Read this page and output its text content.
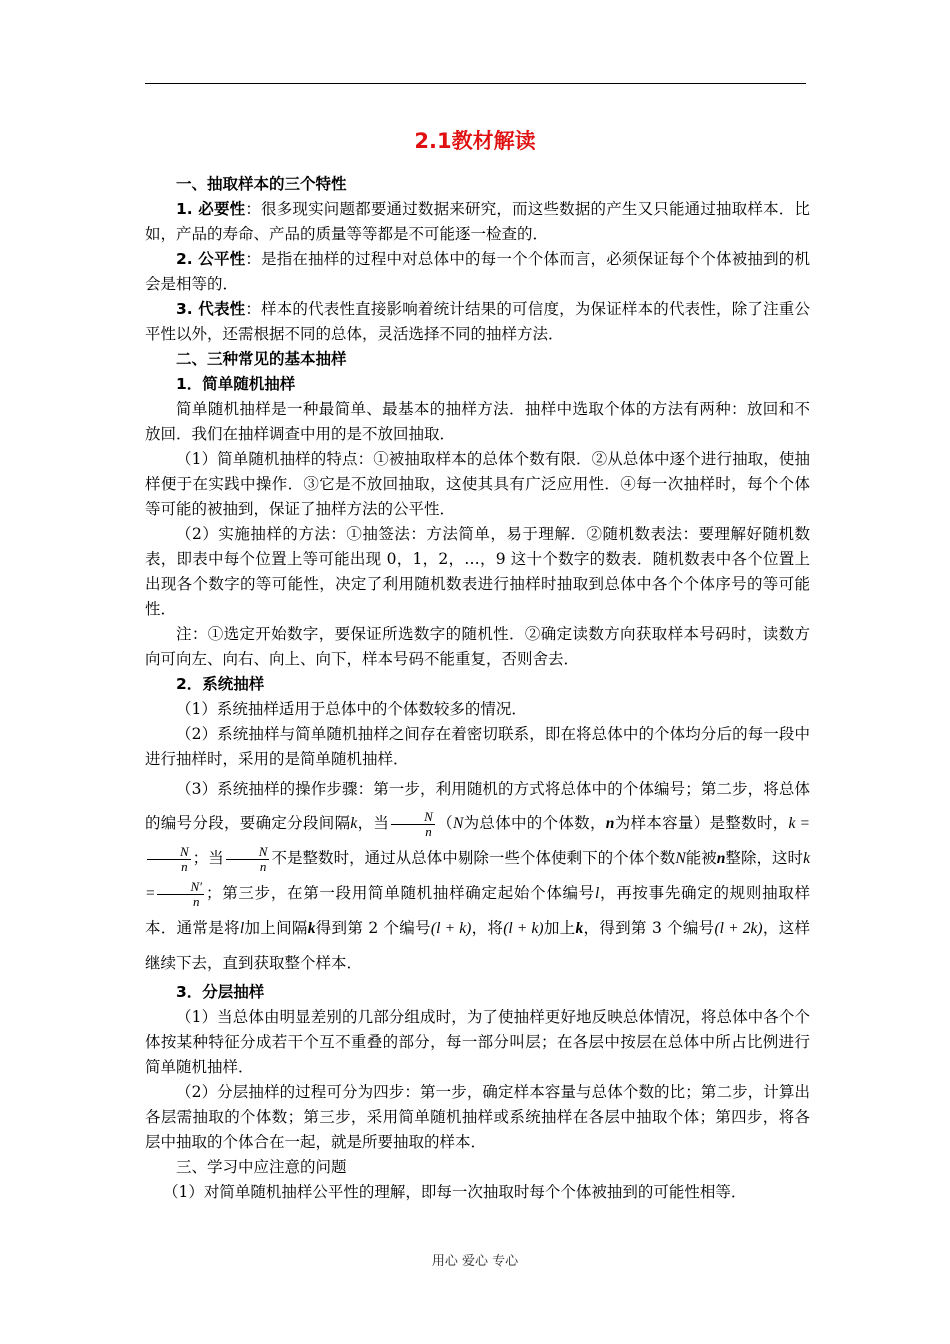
2.1教材解读

一、抽取样本的三个特性

1. 必要性：很多现实问题都要通过数据来研究，而这些数据的产生又只能通过抽取样本．比如，产品的寿命、产品的质量等等都是不可能逐一检查的．

2. 公平性：是指在抽样的过程中对总体中的每一个个体而言，必须保证每个个体被抽到的机会是相等的．

3. 代表性：样本的代表性直接影响着统计结果的可信度，为保证样本的代表性，除了注重公平性以外，还需根据不同的总体，灵活选择不同的抽样方法．

二、三种常见的基本抽样

1．简单随机抽样

简单随机抽样是一种最简单、最基本的抽样方法．抽样中选取个体的方法有两种：放回和不放回．我们在抽样调查中用的是不放回抽取．

（1）简单随机抽样的特点：①被抽取样本的总体个数有限．②从总体中逐个进行抽取，使抽样便于在实践中操作．③它是不放回抽取，这使其具有广泛应用性．④每一次抽样时，每个个体等可能的被抽到，保证了抽样方法的公平性．

（2）实施抽样的方法：①抽签法：方法简单，易于理解．②随机数表法：要理解好随机数表，即表中每个位置上等可能出现 0，1，2，…，9 这十个数字的数表．随机数表中各个位置上出现各个数字的等可能性，决定了利用随机数表进行抽样时抽取到总体中各个个体序号的等可能性．

注：①选定开始数字，要保证所选数字的随机性．②确定读数方向获取样本号码时，读数方向可向左、向右、向上、向下，样本号码不能重复，否则舍去．

2．系统抽样

（1）系统抽样适用于总体中的个体数较多的情况．

（2）系统抽样与简单随机抽样之间存在着密切联系，即在将总体中的个体均分后的每一段中进行抽样时，采用的是简单随机抽样．

（3）系统抽样的操作步骤：第一步，利用随机的方式将总体中的个体编号；第二步，将总体的编号分段，要确定分段间隔k，当 $\frac{N}{n} (N$为总体中的个体数，n为样本容量）是整数时，k =
$\frac{N}{n}$ ；当 $\frac{N}{n}$ 不是整数时，通过从总体中剔除一些个体使剩下的个体个数N能被n整除，这时$k = \frac{N'}{n}$ ；第三步，在第一段用简单随机抽样确定起始个体编号l，再按事先确定的规则抽取样本．通常是将l加上间隔k得到第 2 个编号(l + k)，将(l + k)加上k，得到第 3 个编号(l + 2k)，这样继续下去，直到获取整个样本．

3．分层抽样

（1）当总体由明显差别的几部分组成时，为了使抽样更好地反映总体情况，将总体中各个个体按某种特征分成若干个互不重叠的部分，每一部分叫层；在各层中按层在总体中所占比例进行简单随机抽样．

（2）分层抽样的过程可分为四步：第一步，确定样本容量与总体个数的比；第二步，计算出各层需抽取的个体数；第三步，采用简单随机抽样或系统抽样在各层中抽取个体；第四步，将各层中抽取的个体合在一起，就是所要抽取的样本．

三、学习中应注意的问题

（1）对简单随机抽样公平性的理解，即每一次抽取时每个个体被抽到的可能性相等．

用心 爱心 专心
